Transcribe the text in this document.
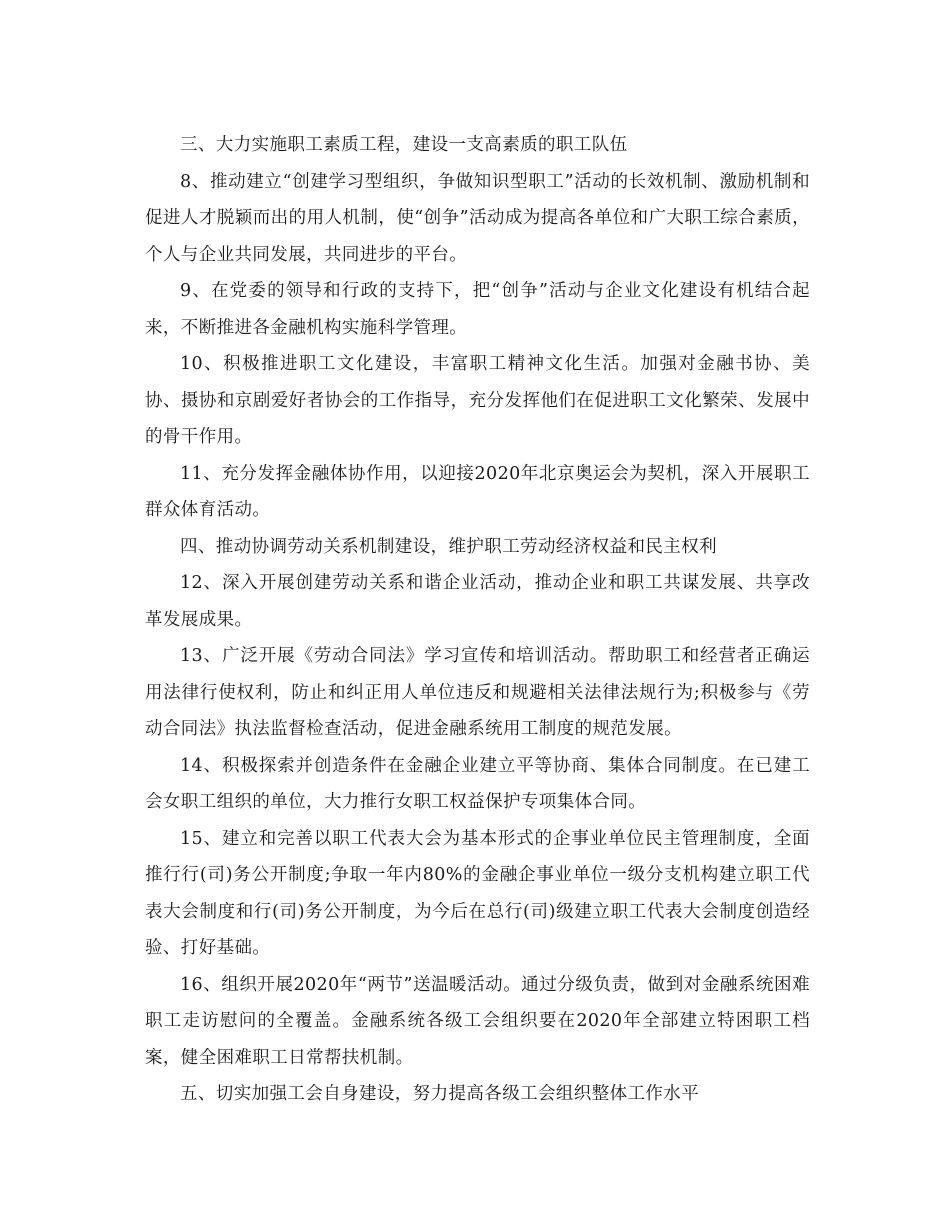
三、大力实施职工素质工程，建设一支高素质的职工队伍

8、推动建立“创建学习型组织，争做知识型职工”活动的长效机制、激励机制和促进人才脱颖而出的用人机制，使“创争”活动成为提高各单位和广大职工综合素质，个人与企业共同发展，共同进步的平台。

9、在党委的领导和行政的支持下，把“创争”活动与企业文化建设有机结合起来，不断推进各金融机构实施科学管理。

10、积极推进职工文化建设，丰富职工精神文化生活。加强对金融书协、美协、摄协和京剧爱好者协会的工作指导，充分发挥他们在促进职工文化繁荣、发展中的骨干作用。

11、充分发挥金融体协作用，以迎接2020年北京奥运会为契机，深入开展职工群众体育活动。

四、推动协调劳动关系机制建设，维护职工劳动经济权益和民主权利

12、深入开展创建劳动关系和谐企业活动，推动企业和职工共谋发展、共享改革发展成果。

13、广泛开展《劳动合同法》学习宣传和培训活动。帮助职工和经营者正确运用法律行使权利，防止和纠正用人单位违反和规避相关法律法规行为;积极参与《劳动合同法》执法监督检查活动，促进金融系统用工制度的规范发展。

14、积极探索并创造条件在金融企业建立平等协商、集体合同制度。在已建工会女职工组织的单位，大力推行女职工权益保护专项集体合同。

15、建立和完善以职工代表大会为基本形式的企事业单位民主管理制度，全面推行行(司)务公开制度;争取一年内80%的金融企事业单位一级分支机构建立职工代表大会制度和行(司)务公开制度，为今后在总行(司)级建立职工代表大会制度创造经验、打好基础。

16、组织开展2020年“两节”送温暖活动。通过分级负责，做到对金融系统困难职工走访慰问的全覆盖。金融系统各级工会组织要在2020年全部建立特困职工档案，健全困难职工日常帮扶机制。

五、切实加强工会自身建设，努力提高各级工会组织整体工作水平
